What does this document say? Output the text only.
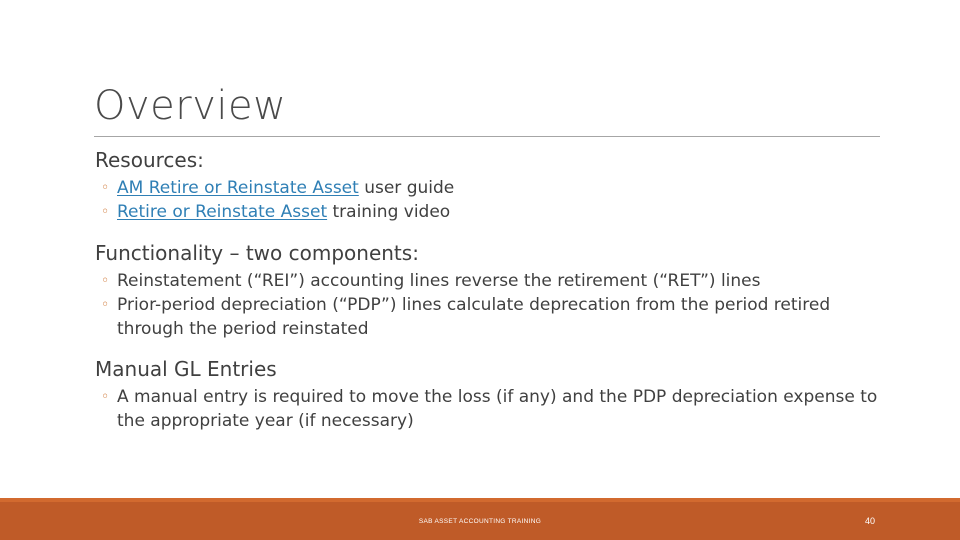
Overview

Resources:

◦ AM Retire or Reinstate Asset user guide
◦ Retire or Reinstate Asset training video

Functionality – two components:

◦ Reinstatement (“REI”) accounting lines reverse the retirement (“RET”) lines
◦ Prior-period depreciation (“PDP”) lines calculate deprecation from the period retired through the period reinstated

Manual GL Entries

◦ A manual entry is required to move the loss (if any) and the PDP depreciation expense to the appropriate year (if necessary)
SAB ASSET ACCOUNTING TRAINING	40
